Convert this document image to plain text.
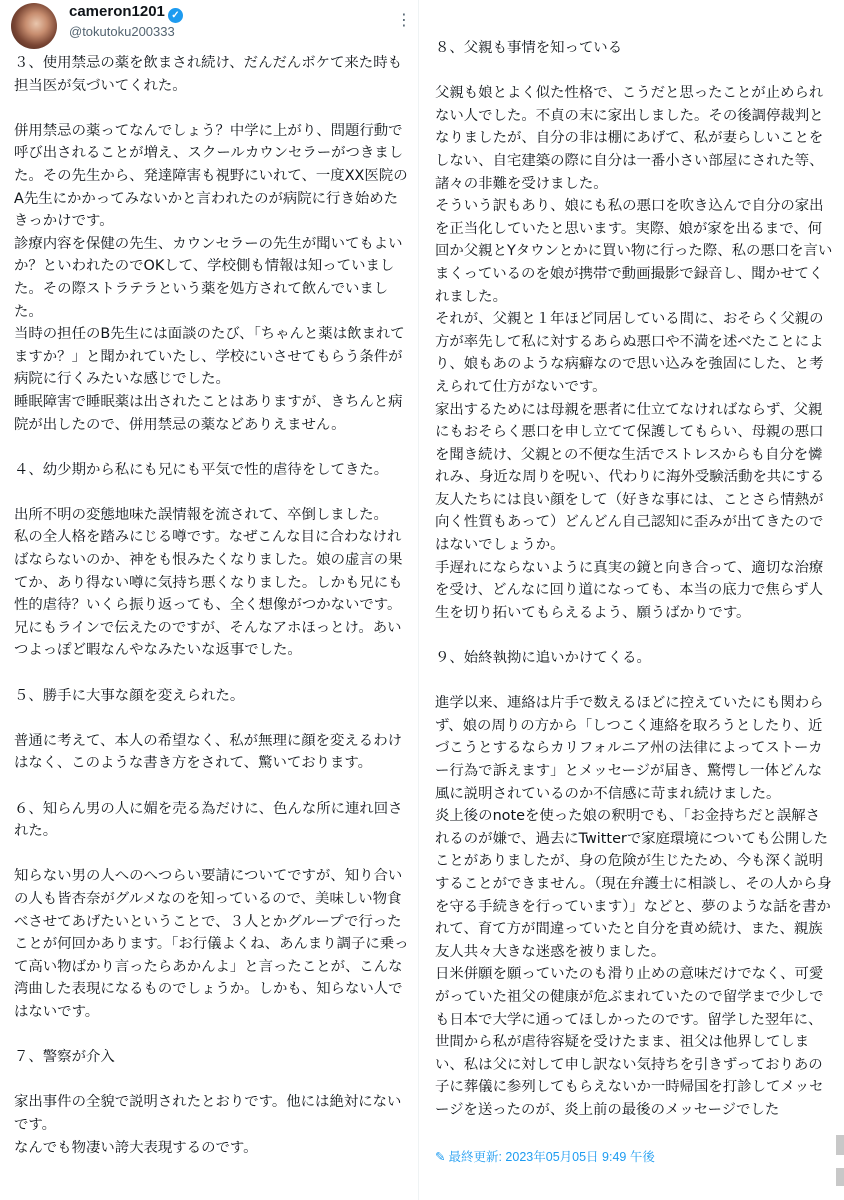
cameron1201 ✓
@tokutoku200333
⋮

３、使用禁忌の薬を飲まされ続け、だんだんボケて来た時も担当医が気づいてくれた。

併用禁忌の薬ってなんでしょう？中学に上がり、問題行動で呼び出されることが増え、スクールカウンセラーがつきました。その先生から、発達障害も視野にいれて、一度XX医院のA先生にかかってみないかと言われたのが病院に行き始めたきっかけです。

診療内容を保健の先生、カウンセラーの先生が聞いてもよいか？といわれたのでOKして、学校側も情報は知っていました。その際ストラテラという薬を処方されて飲んでいました。

当時の担任のB先生には面談のたび、「ちゃんと薬は飲まれてますか？」と聞かれていたし、学校にいさせてもらう条件が病院に行くみたいな感じでした。

睡眠障害で睡眠薬は出されたことはありますが、きちんと病院が出したので、併用禁忌の薬などありえません。

４、幼少期から私にも兄にも平気で性的虐待をしてきた。

出所不明の変態地味た誤情報を流されて、卒倒しました。

私の全人格を踏みにじる噂です。なぜこんな目に合わなければならないのか、神をも恨みたくなりました。娘の虚言の果てか、あり得ない噂に気持ち悪くなりました。しかも兄にも性的虐待？いくら振り返っても、全く想像がつかないです。兄にもラインで伝えたのですが、そんなアホほっとけ。あいつよっぽど暇なんやなみたいな返事でした。

５、勝手に大事な顔を変えられた。

普通に考えて、本人の希望なく、私が無理に顔を変えるわけはなく、このような書き方をされて、驚いております。

６、知らん男の人に媚を売る為だけに、色んな所に連れ回された。

知らない男の人へのへつらい要請についてですが、知り合いの人も皆杏奈がグルメなのを知っているので、美味しい物食べさせてあげたいということで、３人とかグループで行ったことが何回かあります。「お行儀よくね、あんまり調子に乗って高い物ばかり言ったらあかんよ」と言ったことが、こんな湾曲した表現になるものでしょうか。しかも、知らない人ではないです。

７、警察が介入

家出事件の全貌で説明されたとおりです。他には絶対にないです。

なんでも物凄い誇大表現するのです。

８、父親も事情を知っている

父親も娘とよく似た性格で、こうだと思ったことが止められない人でした。不貞の末に家出しました。その後調停裁判となりましたが、自分の非は棚にあげて、私が妻らしいことをしない、自宅建築の際に自分は一番小さい部屋にされた等、諸々の非難を受けました。

そういう訳もあり、娘にも私の悪口を吹き込んで自分の家出を正当化していたと思います。実際、娘が家を出るまで、何回か父親とYタウンとかに買い物に行った際、私の悪口を言いまくっているのを娘が携帯で動画撮影で録音し、聞かせてくれました。

それが、父親と１年ほど同居している間に、おそらく父親の方が率先して私に対するあらぬ悪口や不満を述べたことにより、娘もあのような病癖なので思い込みを強固にした、と考えられて仕方がないです。

家出するためには母親を悪者に仕立てなければならず、父親にもおそらく悪口を申し立てて保護してもらい、母親の悪口を聞き続け、父親との不便な生活でストレスからも自分を憐れみ、身近な周りを呪い、代わりに海外受験活動を共にする友人たちには良い顔をして（好きな事には、ことさら情熱が向く性質もあって）どんどん自己認知に歪みが出てきたのではないでしょうか。

手遅れにならないように真実の鏡と向き合って、適切な治療を受け、どんなに回り道になっても、本当の底力で焦らず人生を切り拓いてもらえるよう、願うばかりです。

９、始終執拗に追いかけてくる。

進学以来、連絡は片手で数えるほどに控えていたにも関わらず、娘の周りの方から「しつこく連絡を取ろうとしたり、近づこうとするならカリフォルニア州の法律によってストーカー行為で訴えます」とメッセージが届き、驚愕し一体どんな風に説明されているのか不信感に苛まれ続けました。

炎上後のnoteを使った娘の釈明でも、「お金持ちだと誤解されるのが嫌で、過去にTwitterで家庭環境についても公開したことがありましたが、身の危険が生じたため、今も深く説明することができません。（現在弁護士に相談し、その人から身を守る手続きを行っています）」などと、夢のような話を書かれて、育て方が間違っていたと自分を責め続け、また、親族友人共々大きな迷惑を被りました。

日米併願を願っていたのも滑り止めの意味だけでなく、可愛がっていた祖父の健康が危ぶまれていたので留学まで少しでも日本で大学に通ってほしかったのです。留学した翌年に、世間から私が虐待容疑を受けたまま、祖父は他界してしまい、私は父に対して申し訳ない気持ちを引きずっておりあの子に葬儀に参列してもらえないか一時帰国を打診してメッセージを送ったのが、炎上前の最後のメッセージでした

✎ 最終更新: 2023年05月05日 9:49 午後
